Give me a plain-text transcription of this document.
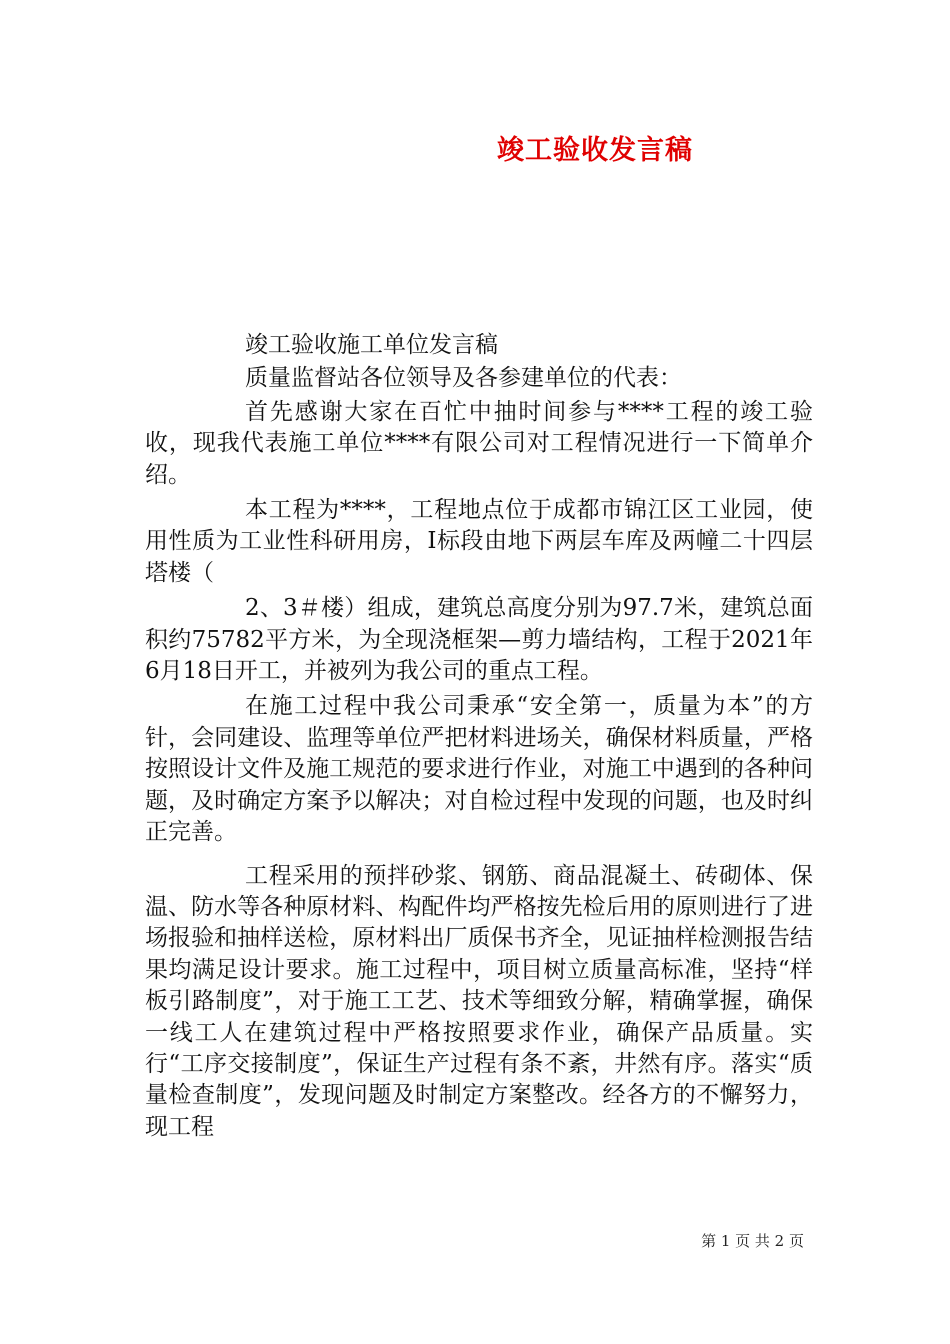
竣工验收发言稿

竣工验收施工单位发言稿

质量监督站各位领导及各参建单位的代表：

首先感谢大家在百忙中抽时间参与****工程的竣工验收，现我代表施工单位****有限公司对工程情况进行一下简单介绍。

本工程为****，工程地点位于成都市锦江区工业园，使用性质为工业性科研用房，Ⅰ标段由地下两层车库及两幢二十四层塔楼（

2、3＃楼）组成，建筑总高度分别为97.7米，建筑总面积约75782平方米，为全现浇框架—剪力墙结构，工程于2021年6月18日开工，并被列为我公司的重点工程。

在施工过程中我公司秉承“安全第一，质量为本”的方针，会同建设、监理等单位严把材料进场关，确保材料质量，严格按照设计文件及施工规范的要求进行作业，对施工中遇到的各种问题，及时确定方案予以解决；对自检过程中发现的问题，也及时纠正完善。

工程采用的预拌砂浆、钢筋、商品混凝土、砖砌体、保温、防水等各种原材料、构配件均严格按先检后用的原则进行了进场报验和抽样送检，原材料出厂质保书齐全，见证抽样检测报告结果均满足设计要求。施工过程中，项目树立质量高标准，坚持“样板引路制度”，对于施工工艺、技术等细致分解，精确掌握，确保一线工人在建筑过程中严格按照要求作业，确保产品质量。实行“工序交接制度”，保证生产过程有条不紊，井然有序。落实“质量检查制度”，发现问题及时制定方案整改。经各方的不懈努力，现工程

第 1 页 共 2 页
